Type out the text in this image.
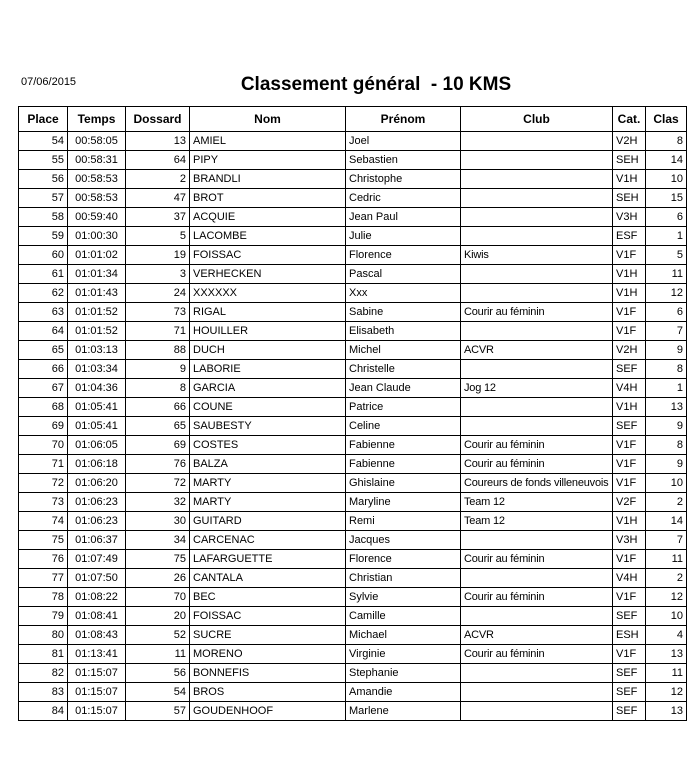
07/06/2015	Classement général  - 10 KMS
Place	Temps	Dossard	Nom	Prénom	Club	Cat.	Clas
54	00:58:05	13	AMIEL	Joel		V2H	8
55	00:58:31	64	PIPY	Sebastien		SEH	14
56	00:58:53	2	BRANDLI	Christophe		V1H	10
57	00:58:53	47	BROT	Cedric		SEH	15
58	00:59:40	37	ACQUIE	Jean Paul		V3H	6
59	01:00:30	5	LACOMBE	Julie		ESF	1
60	01:01:02	19	FOISSAC	Florence	Kiwis	V1F	5
61	01:01:34	3	VERHECKEN	Pascal		V1H	11
62	01:01:43	24	XXXXXX	Xxx		V1H	12
63	01:01:52	73	RIGAL	Sabine	Courir au féminin	V1F	6
64	01:01:52	71	HOUILLER	Elisabeth		V1F	7
65	01:03:13	88	DUCH	Michel	ACVR	V2H	9
66	01:03:34	9	LABORIE	Christelle		SEF	8
67	01:04:36	8	GARCIA	Jean Claude	Jog 12	V4H	1
68	01:05:41	66	COUNE	Patrice		V1H	13
69	01:05:41	65	SAUBESTY	Celine		SEF	9
70	01:06:05	69	COSTES	Fabienne	Courir au féminin	V1F	8
71	01:06:18	76	BALZA	Fabienne	Courir au féminin	V1F	9
72	01:06:20	72	MARTY	Ghislaine	Coureurs de fonds villeneuvois	V1F	10
73	01:06:23	32	MARTY	Maryline	Team 12	V2F	2
74	01:06:23	30	GUITARD	Remi	Team 12	V1H	14
75	01:06:37	34	CARCENAC	Jacques		V3H	7
76	01:07:49	75	LAFARGUETTE	Florence	Courir au féminin	V1F	11
77	01:07:50	26	CANTALA	Christian		V4H	2
78	01:08:22	70	BEC	Sylvie	Courir au féminin	V1F	12
79	01:08:41	20	FOISSAC	Camille		SEF	10
80	01:08:43	52	SUCRE	Michael	ACVR	ESH	4
81	01:13:41	11	MORENO	Virginie	Courir au féminin	V1F	13
82	01:15:07	56	BONNEFIS	Stephanie		SEF	11
83	01:15:07	54	BROS	Amandie		SEF	12
84	01:15:07	57	GOUDENHOOF	Marlene		SEF	13
